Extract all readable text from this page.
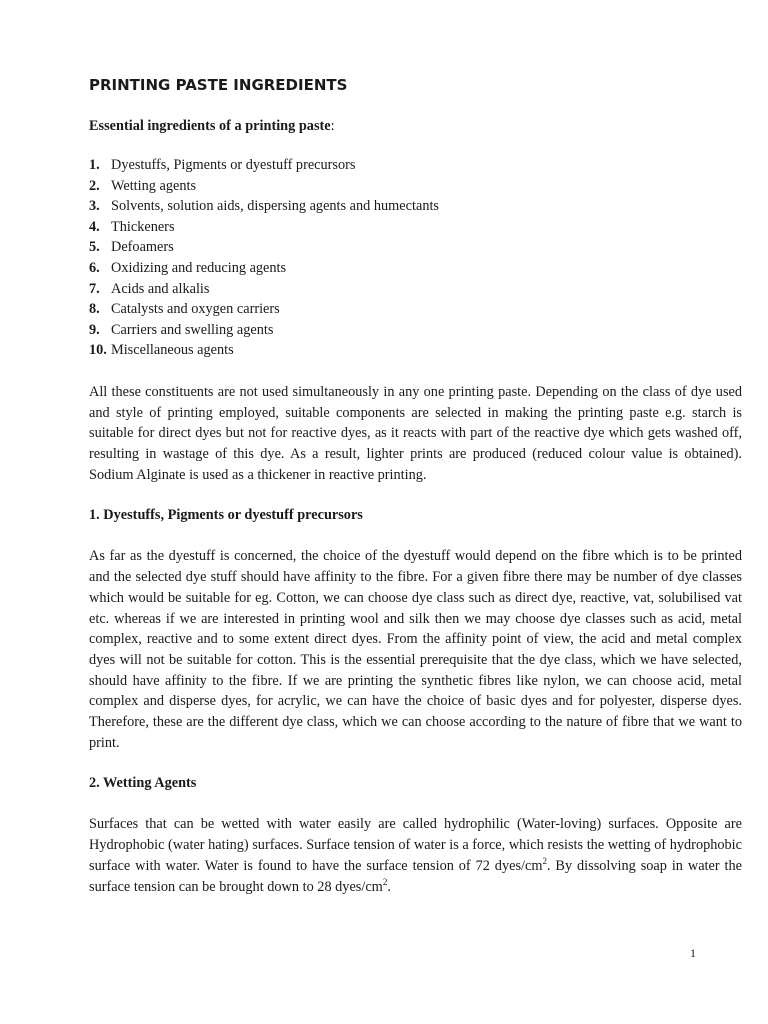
PRINTING PASTE INGREDIENTS
Essential ingredients of a printing paste:
1. Dyestuffs, Pigments or dyestuff precursors
2. Wetting agents
3. Solvents, solution aids, dispersing agents and humectants
4. Thickeners
5. Defoamers
6. Oxidizing and reducing agents
7. Acids and alkalis
8. Catalysts and oxygen carriers
9. Carriers and swelling agents
10. Miscellaneous agents

All these constituents are not used simultaneously in any one printing paste. Depending on the class of dye used and style of printing employed, suitable components are selected in making the printing paste e.g. starch is suitable for direct dyes but not for reactive dyes, as it reacts with part of the reactive dye which gets washed off, resulting in wastage of this dye. As a result, lighter prints are produced (reduced colour value is obtained). Sodium Alginate is used as a thickener in reactive printing.

1. Dyestuffs, Pigments or dyestuff precursors

As far as the dyestuff is concerned, the choice of the dyestuff would depend on the fibre which is to be printed and the selected dye stuff should have affinity to the fibre. For a given fibre there may be number of dye classes which would be suitable for eg. Cotton, we can choose dye class such as direct dye, reactive, vat, solubilised vat etc. whereas if we are interested in printing wool and silk then we may choose dye classes such as acid, metal complex, reactive and to some extent direct dyes. From the affinity point of view, the acid and metal complex dyes will not be suitable for cotton. This is the essential prerequisite that the dye class, which we have selected, should have affinity to the fibre. If we are printing the synthetic fibres like nylon, we can choose acid, metal complex and disperse dyes, for acrylic, we can have the choice of basic dyes and for polyester, disperse dyes. Therefore, these are the different dye class, which we can choose according to the nature of fibre that we want to print.

2. Wetting Agents

Surfaces that can be wetted with water easily are called hydrophilic (Water-loving) surfaces. Opposite are Hydrophobic (water hating) surfaces. Surface tension of water is a force, which resists the wetting of hydrophobic surface with water. Water is found to have the surface tension of 72 dyes/$cm^2$. By dissolving soap in water the surface tension can be brought down to 28 dyes/$cm^2$.

1
